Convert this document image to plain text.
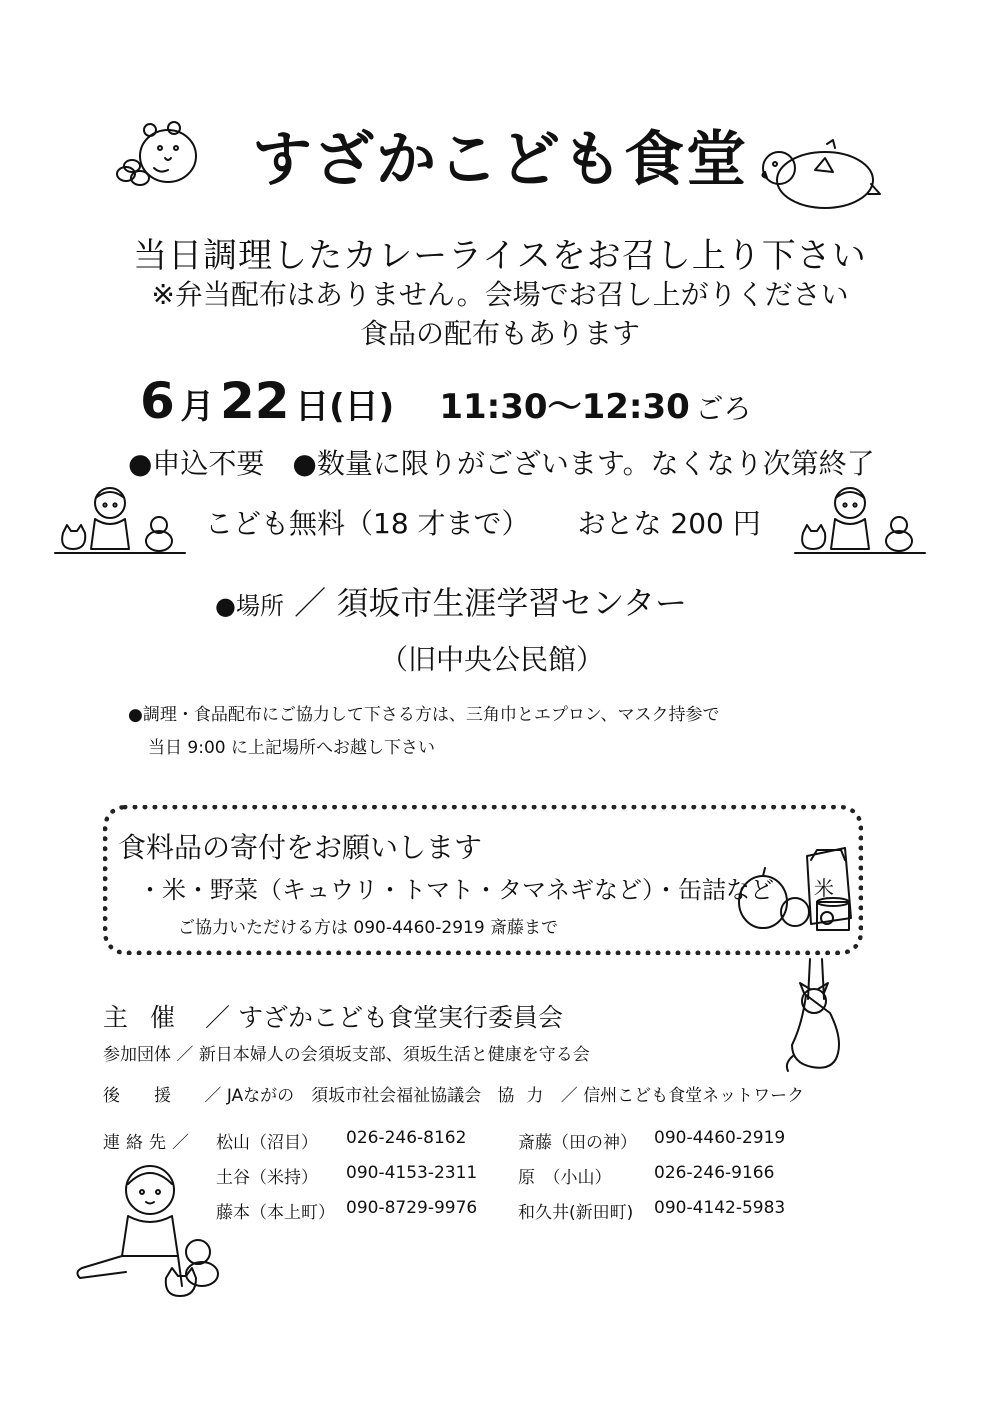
米
すざかこども食堂
当日調理したカレーライスをお召し上り下さい
※弁当配布はありません。会場でお召し上がりください
食品の配布もあります
6 月 22 日(日) 11:30～12:30 ごろ
●申込不要　●数量に限りがございます。なくなり次第終了
こども無料（18 才まで） おとな 200 円
●場所 ／ 須坂市生涯学習センター
（旧中央公民館）
●調理・食品配布にご協力して下さる方は、三角巾とエプロン、マスク持参で
当日 9:00 に上記場所へお越し下さい
食料品の寄付をお願いします
・米・野菜（キュウリ・トマト・タマネギなど）・缶詰など
ご協力いただける方は 090-4460-2919 斎藤まで
主催 ／ すざかこども食堂実行委員会
参加団体 ／ 新日本婦人の会須坂支部、須坂生活と健康を守る会
後援 ／ JAながの　須坂市社会福祉協議会 協力 ／ 信州こども食堂ネットワーク
連絡先／	松山（沼目）	026-246-8162	斎藤（田の神）	090-4460-2919
	土谷（米持）	090-4153-2311	原　（小山）	026-246-9166
	藤本（本上町）	090-8729-9976	和久井(新田町)	090-4142-5983
